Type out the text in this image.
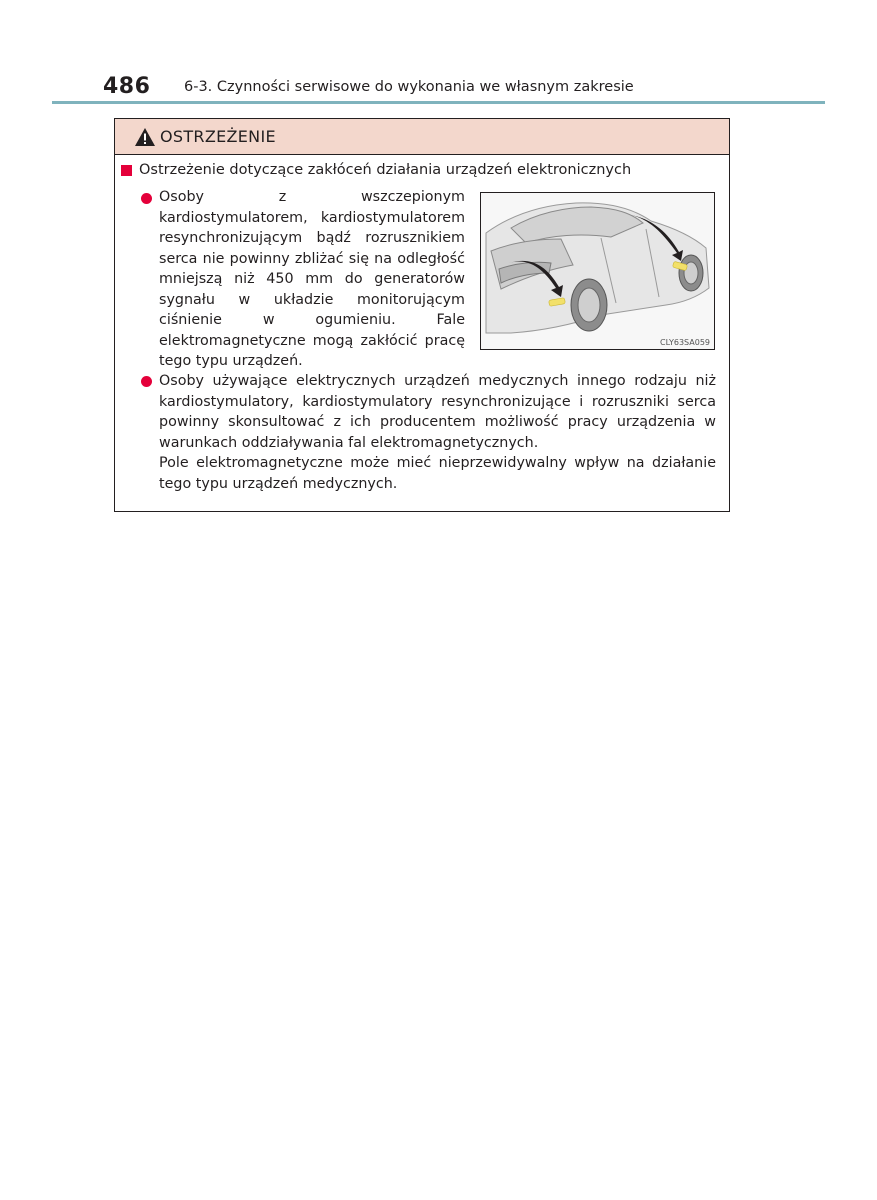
486 6-3. Czynności serwisowe do wykonania we własnym zakresie
OSTRZEŻENIE
Ostrzeżenie dotyczące zakłóceń działania urządzeń elektronicznych
Osoby z wszczepionym kardiostymulatorem, kardiostymulatorem resynchronizującym bądź rozrusznikiem serca nie powinny zbliżać się na odległość mniejszą niż 450 mm do generatorów sygnału w układzie monitorującym ciśnienie w ogumieniu. Fale elektromagnetyczne mogą zakłócić pracę tego typu urządzeń.
CLY63SA059
Osoby używające elektrycznych urządzeń medycznych innego rodzaju niż kardiostymulatory, kardiostymulatory resynchronizujące i rozruszniki serca powinny skonsultować z ich producentem możliwość pracy urządzenia w warunkach oddziaływania fal elektromagnetycznych.
Pole elektromagnetyczne może mieć nieprzewidywalny wpływ na działanie tego typu urządzeń medycznych.
